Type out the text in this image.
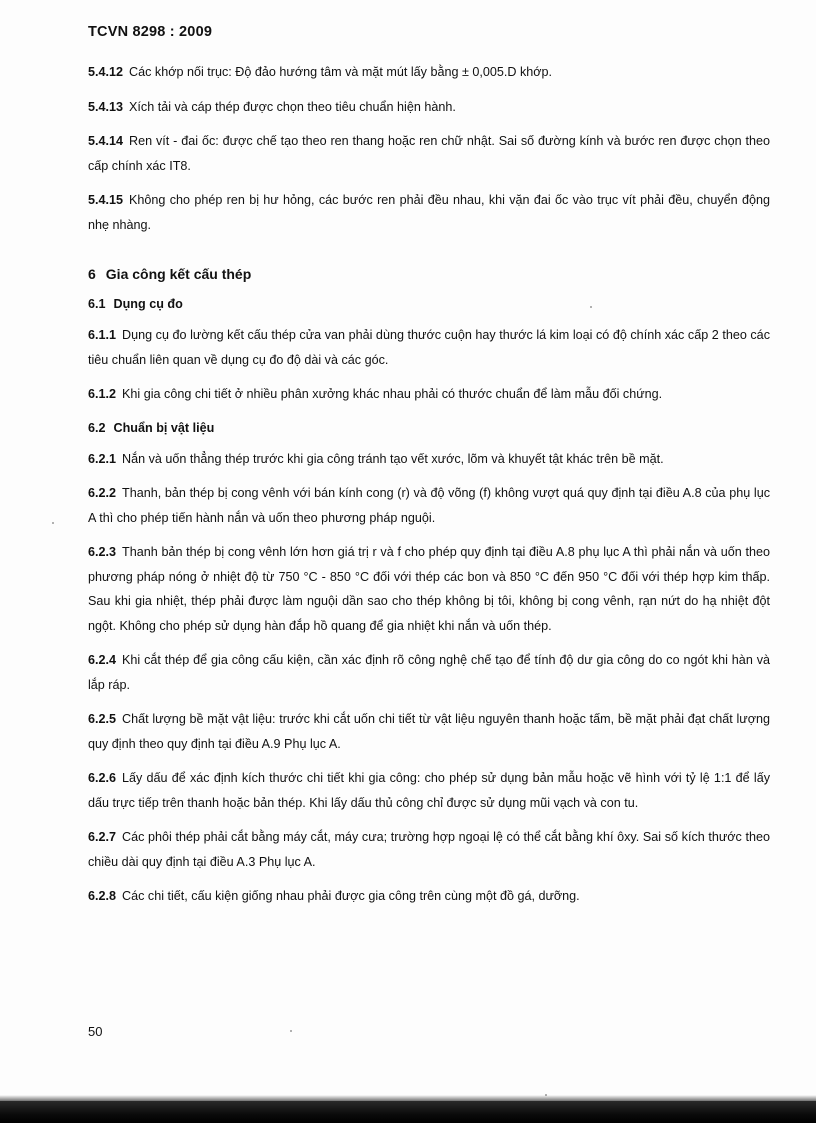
TCVN 8298 : 2009

5.4.12 Các khớp nối trục: Độ đảo hướng tâm và mặt mút lấy bằng ± 0,005.D khớp.

5.4.13 Xích tải và cáp thép được chọn theo tiêu chuẩn hiện hành.

5.4.14 Ren vít - đai ốc: được chế tạo theo ren thang hoặc ren chữ nhật. Sai số đường kính và bước ren được chọn theo cấp chính xác IT8.

5.4.15 Không cho phép ren bị hư hỏng, các bước ren phải đều nhau, khi vặn đai ốc vào trục vít phải đều, chuyển động nhẹ nhàng.

6 Gia công kết cấu thép
6.1 Dụng cụ đo

6.1.1 Dụng cụ đo lường kết cấu thép cửa van phải dùng thước cuộn hay thước lá kim loại có độ chính xác cấp 2 theo các tiêu chuẩn liên quan về dụng cụ đo độ dài và các góc.

6.1.2 Khi gia công chi tiết ở nhiều phân xưởng khác nhau phải có thước chuẩn để làm mẫu đối chứng.

6.2 Chuẩn bị vật liệu

6.2.1 Nắn và uốn thẳng thép trước khi gia công tránh tạo vết xước, lõm và khuyết tật khác trên bề mặt.

6.2.2 Thanh, bản thép bị cong vênh với bán kính cong (r) và độ võng (f) không vượt quá quy định tại điều A.8 của phụ lục A thì cho phép tiến hành nắn và uốn theo phương pháp nguội.

6.2.3 Thanh bản thép bị cong vênh lớn hơn giá trị r và f cho phép quy định tại điều A.8 phụ lục A thì phải nắn và uốn theo phương pháp nóng ở nhiệt độ từ 750 °C - 850 °C đối với thép các bon và 850 °C đến 950 °C đối với thép hợp kim thấp. Sau khi gia nhiệt, thép phải được làm nguội dần sao cho thép không bị tôi, không bị cong vênh, rạn nứt do hạ nhiệt đột ngột. Không cho phép sử dụng hàn đắp hồ quang để gia nhiệt khi nắn và uốn thép.

6.2.4 Khi cắt thép để gia công cấu kiện, cần xác định rõ công nghệ chế tạo để tính độ dư gia công do co ngót khi hàn và lắp ráp.

6.2.5 Chất lượng bề mặt vật liệu: trước khi cắt uốn chi tiết từ vật liệu nguyên thanh hoặc tấm, bề mặt phải đạt chất lượng quy định theo quy định tại điều A.9 Phụ lục A.

6.2.6 Lấy dấu để xác định kích thước chi tiết khi gia công: cho phép sử dụng bản mẫu hoặc vẽ hình với tỷ lệ 1:1 để lấy dấu trực tiếp trên thanh hoặc bản thép. Khi lấy dấu thủ công chỉ được sử dụng mũi vạch và con tu.

6.2.7 Các phôi thép phải cắt bằng máy cắt, máy cưa; trường hợp ngoại lệ có thể cắt bằng khí ôxy. Sai số kích thước theo chiều dài quy định tại điều A.3 Phụ lục A.

6.2.8 Các chi tiết, cấu kiện giống nhau phải được gia công trên cùng một đồ gá, dưỡng.

50
